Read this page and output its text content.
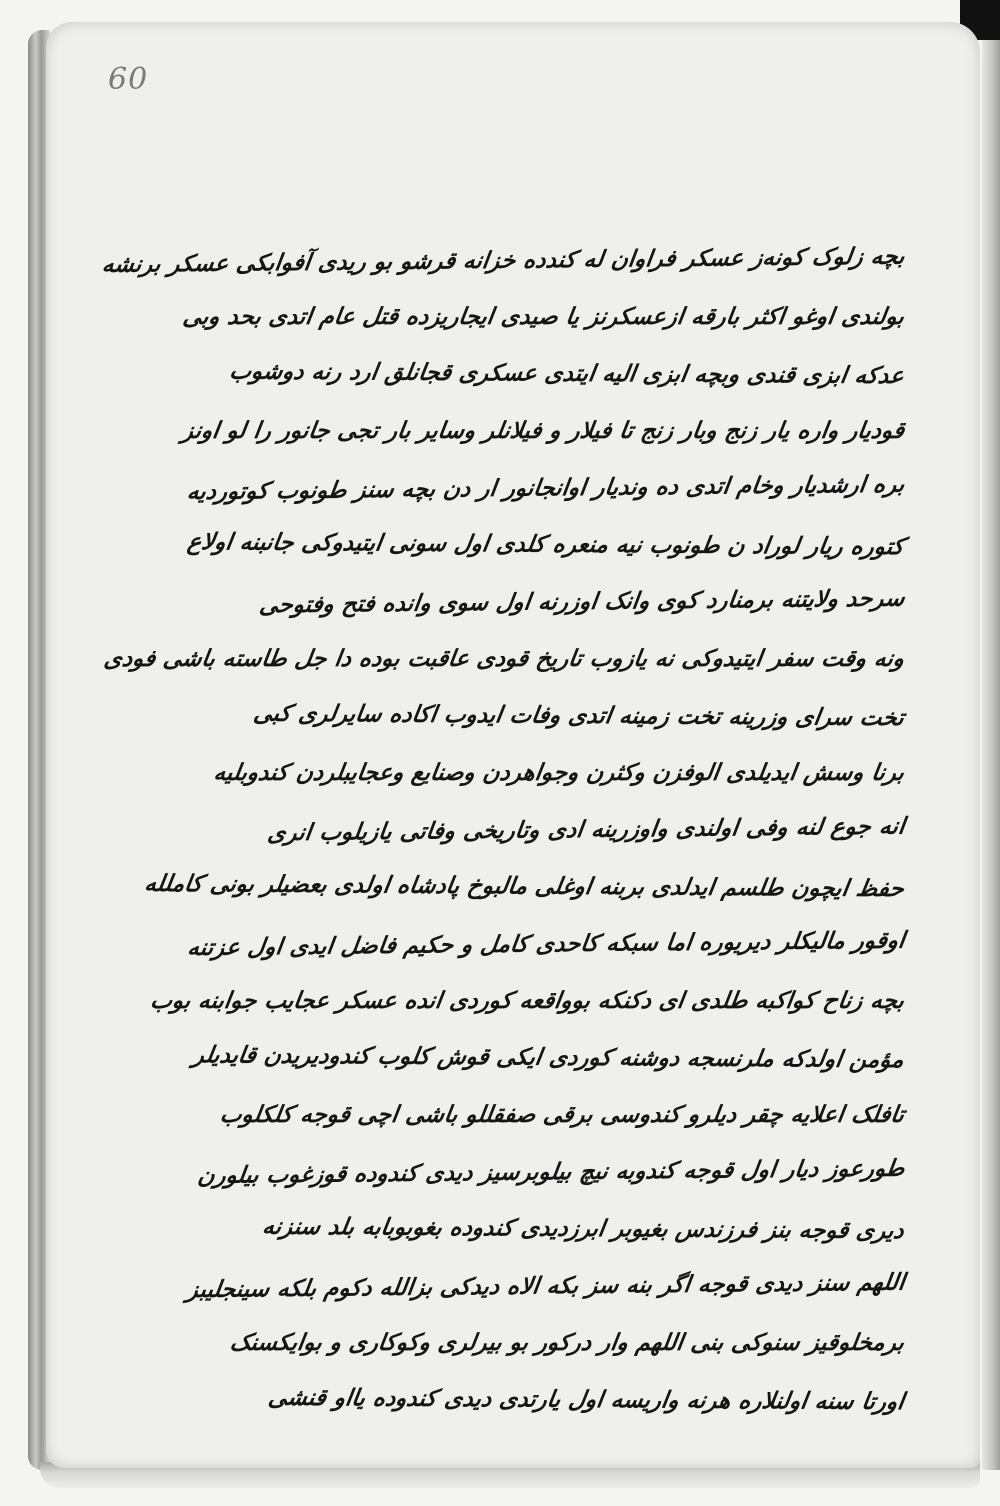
60
بچه زلوک کونه‌ز عسکر فراوان له کندده خزانه قرشو بو ریدی آفوابکی عسکر برنشه
بولندی اوغو اکثر بارقه ازعسکرنز یا صیدی ایجاریزده قتل عام اتدی بحد وبی
عدکه ابزی قندی وبچه ابزی الیه ایتدی عسکری قجانلق ارد رنه دوشوب
قودیار واره یار زنج وبار زنج تا فیلار و فیلانلر وسایر بار تجی جانور را لو اونز
بره ارشدیار وخام اتدی ده وندیار اوانجانور ار دن بچه سنز طونوب کوتوردیه
کتوره ریار لوراد ن طونوب نیه منعره کلدی اول سونی ایتیدوکی جانبنه اولاع
سرحد ولایتنه برمنارد کوی وانک اوزرنه اول سوی وانده فتح وفتوحی
ونه وقت سفر ایتیدوکی نه یازوب تاریخ قودی عاقبت بوده دا جل طاسته باشی فودی
تخت سرای وزرینه تخت زمینه اتدی وفات ایدوب اکاده سایرلری کبی
برنا وسش ایدیلدی الوفزن وکثرن وجواهردن وصنایع وعجایبلردن کندوبلیه
انه جوع لنه وفی اولندی واوزرینه ادی وتاریخی وفاتی یازیلوب انری
حفظ ایچون طلسم ایدلدی بربنه اوغلی مالبوخ پادشاه اولدی بعضیلر بونی کاملله
اوقور مالیکلر دیریوره اما سبکه کاحدی کامل و حکیم فاضل ایدی اول عزتنه
بچه زناح کواکبه طلدی ای دکنکه بوواقعه کوردی انده عسکر عجایب جوابنه بوب
مؤمن اولدکه ملرنسجه دوشنه کوردی ایکی قوش کلوب کندودیریدن قایدیلر
تافلک اعلایه چقر دیلرو کندوسی برقی صفقللو باشی اچی قوجه کلکلوب
طورعوز دیار اول قوجه کندوبه نیچ بیلوبرسیز دیدی کندوده قوزغوب بیلورن
دیری قوجه بنز فرزندس بغیوبر ابرزدیدی کندوده بغوبوبابه بلد سنزنه
اللهم سنز دیدی قوجه اگر بنه سز بکه الاه دیدکی بزالله دکوم بلکه سینجلیبز
برمخلوقیز سنوکی بنی اللهم وار درکور بو بیرلری وکوکاری و بوایکسنک
اورتا سنه اولنلاره هرنه واریسه اول یارتدی دیدی کندوده یااو قنشی
